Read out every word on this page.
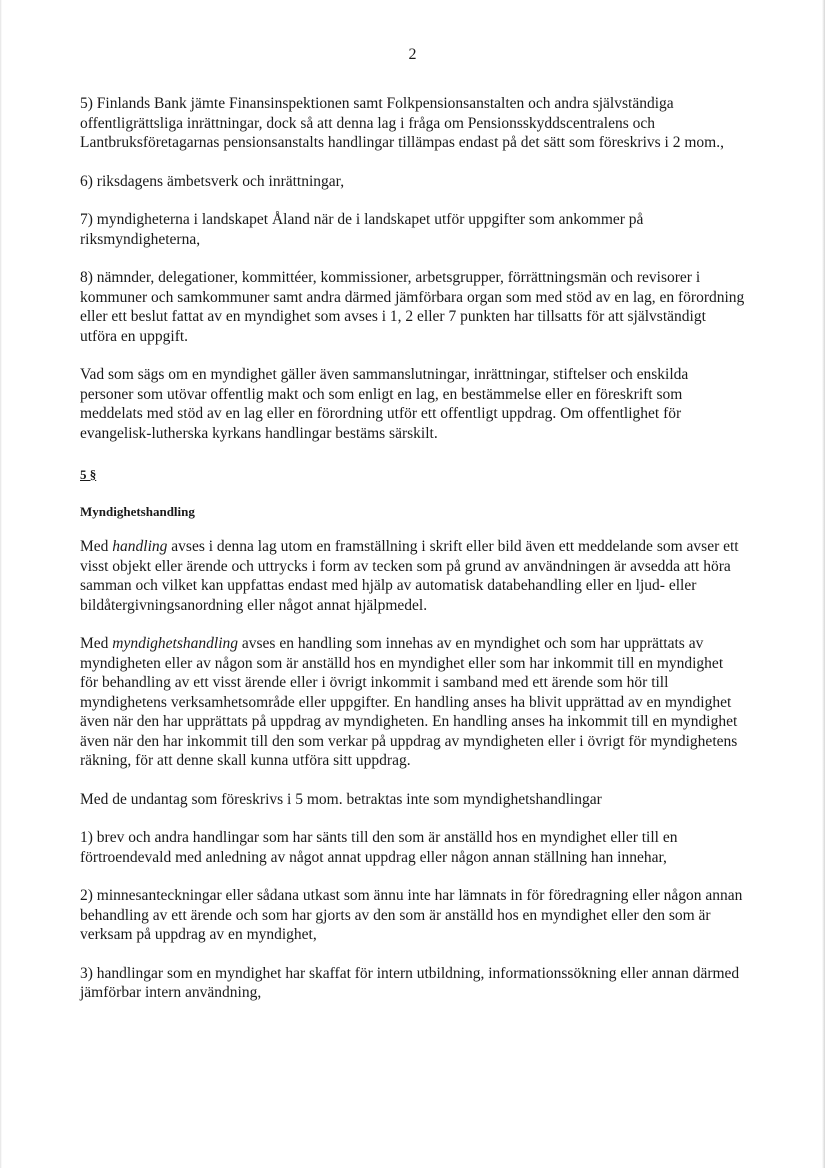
2

5) Finlands Bank jämte Finansinspektionen samt Folkpensionsanstalten och andra självständiga offentligrättsliga inrättningar, dock så att denna lag i fråga om Pensionsskyddscentralens och Lantbruksföretagarnas pensionsanstalts handlingar tillämpas endast på det sätt som föreskrivs i 2 mom.,

6) riksdagens ämbetsverk och inrättningar,

7) myndigheterna i landskapet Åland när de i landskapet utför uppgifter som ankommer på riksmyndigheterna,

8) nämnder, delegationer, kommittéer, kommissioner, arbetsgrupper, förrättningsmän och revisorer i kommuner och samkommuner samt andra därmed jämförbara organ som med stöd av en lag, en förordning eller ett beslut fattat av en myndighet som avses i 1, 2 eller 7 punkten har tillsatts för att självständigt utföra en uppgift.

Vad som sägs om en myndighet gäller även sammanslutningar, inrättningar, stiftelser och enskilda personer som utövar offentlig makt och som enligt en lag, en bestämmelse eller en föreskrift som meddelats med stöd av en lag eller en förordning utför ett offentligt uppdrag. Om offentlighet för evangelisk-lutherska kyrkans handlingar bestäms särskilt.

5 §
Myndighetshandling

Med handling avses i denna lag utom en framställning i skrift eller bild även ett meddelande som avser ett visst objekt eller ärende och uttrycks i form av tecken som på grund av användningen är avsedda att höra samman och vilket kan uppfattas endast med hjälp av automatisk databehandling eller en ljud- eller bildåtergivningsanordning eller något annat hjälpmedel.

Med myndighetshandling avses en handling som innehas av en myndighet och som har upprättats av myndigheten eller av någon som är anställd hos en myndighet eller som har inkommit till en myndighet för behandling av ett visst ärende eller i övrigt inkommit i samband med ett ärende som hör till myndighetens verksamhetsområde eller uppgifter. En handling anses ha blivit upprättad av en myndighet även när den har upprättats på uppdrag av myndigheten. En handling anses ha inkommit till en myndighet även när den har inkommit till den som verkar på uppdrag av myndigheten eller i övrigt för myndighetens räkning, för att denne skall kunna utföra sitt uppdrag.

Med de undantag som föreskrivs i 5 mom. betraktas inte som myndighetshandlingar

1) brev och andra handlingar som har sänts till den som är anställd hos en myndighet eller till en förtroendevald med anledning av något annat uppdrag eller någon annan ställning han innehar,

2) minnesanteckningar eller sådana utkast som ännu inte har lämnats in för föredragning eller någon annan behandling av ett ärende och som har gjorts av den som är anställd hos en myndighet eller den som är verksam på uppdrag av en myndighet,

3) handlingar som en myndighet har skaffat för intern utbildning, informationssökning eller annan därmed jämförbar intern användning,
